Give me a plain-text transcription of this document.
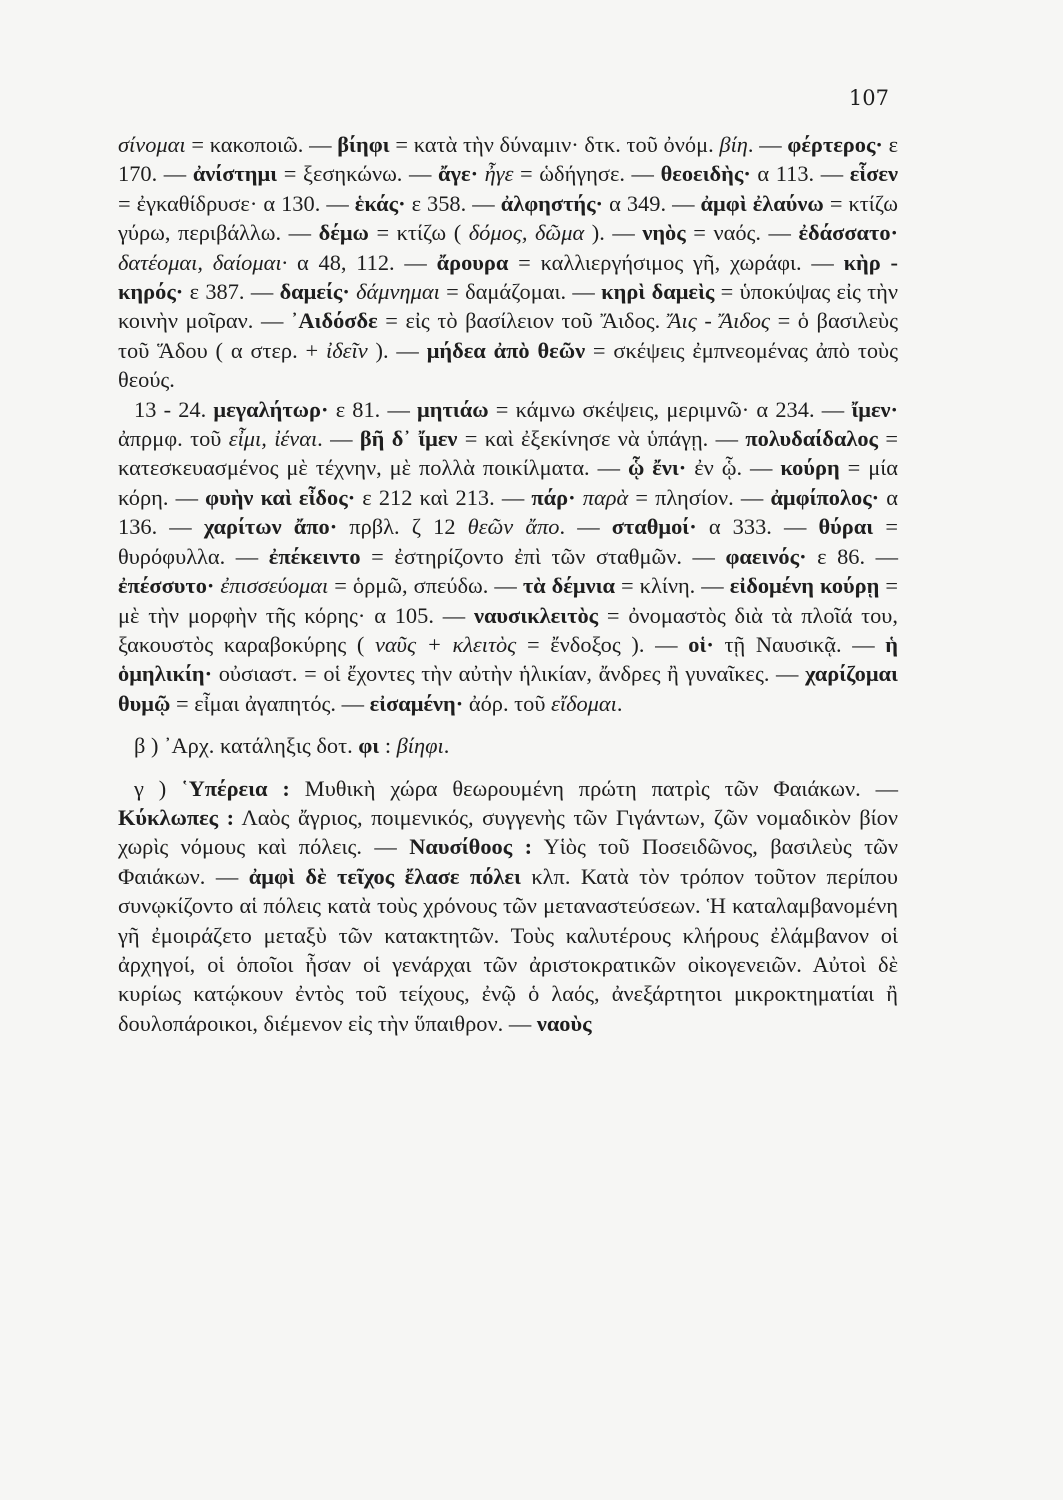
107

σίνομαι = κακοποιῶ. — βίηφι = κατὰ τὴν δύναμιν· δτκ. τοῦ ὀνόμ. βίη. — φέρτερος· ε 170. — ἀνίστημι = ξεσηκώνω. — ἄγε· ἦγε = ὡδήγησε. — θεοειδὴς· α 113. — εἷσεν = ἐγκαθίδρυσε· α 130. — ἑκάς· ε 358. — ἀλφηστής· α 349. — ἀμφὶ ἐλαύνω = κτίζω γύρω, περιβάλλω. — δέμω = κτίζω ( δόμος, δῶμα ). — νηὸς = ναός. — ἐδάσσατο· δατέομαι, δαίομαι· α 48, 112. — ἄρουρα = καλλιεργήσιμος γῆ, χωράφι. — κὴρ - κηρός· ε 387. — δαμείς· δάμνημαι = δαμάζομαι. — κηρὶ δαμεὶς = ὑποκύψας εἰς τὴν κοινὴν μοῖραν. — ᾿Αιδόσδε = εἰς τὸ βασίλειον τοῦ Ἄιδος. Ἄις - Ἄιδος = ὁ βασιλεὺς τοῦ Ἅδου ( α στερ. + ἰδεῖν ). — μήδεα ἀπὸ θεῶν = σκέψεις ἐμπνεομένας ἀπὸ τοὺς θεούς.

13 - 24. μεγαλήτωρ· ε 81. — μητιάω = κάμνω σκέψεις, μεριμνῶ· α 234. — ἴμεν· ἀπρμφ. τοῦ εἶμι, ἰέναι. — βῆ δ᾿ ἴμεν = καὶ ἐξεκίνησε νὰ ὑπάγῃ. — πολυδαίδαλος = κατεσκευασμένος μὲ τέχνην, μὲ πολλὰ ποικίλματα. — ᾧ ἔνι· ἐν ᾧ. — κούρη = μία κόρη. — φυὴν καὶ εἶδος· ε 212 καὶ 213. — πάρ· παρὰ = πλησίον. — ἀμφίπολος· α 136. — χαρίτων ἄπο· πρβλ. ζ 12 θεῶν ἄπο. — σταθμοί· α 333. — θύραι = θυρόφυλλα. — ἐπέκειντο = ἐστηρίζοντο ἐπὶ τῶν σταθμῶν. — φαεινός· ε 86. — ἐπέσσυτο· ἐπισσεύομαι = ὁρμῶ, σπεύδω. — τὰ δέμνια = κλίνη. — εἰδομένη κούρῃ = μὲ τὴν μορφὴν τῆς κόρης· α 105. — ναυσικλειτὸς = ὀνομαστὸς διὰ τὰ πλοῖά του, ξακουστὸς καραβοκύρης ( ναῦς + κλειτὸς = ἔνδοξος ). — οἱ· τῇ Ναυσικᾷ. — ἡ ὁμηλικίη· οὐσιαστ. = οἱ ἔχοντες τὴν αὐτὴν ἡλικίαν, ἄνδρες ἢ γυναῖκες. — χαρίζομαι θυμῷ = εἶμαι ἀγαπητός. — εἰσαμένη· ἀόρ. τοῦ εἴδομαι.

β ) ᾿Αρχ. κατάληξις δοτ. φι : βίηφι.

γ ) ῾Υπέρεια : Μυθικὴ χώρα θεωρουμένη πρώτη πατρὶς τῶν Φαιάκων. — Κύκλωπες : Λαὸς ἄγριος, ποιμενικός, συγγενὴς τῶν Γιγάντων, ζῶν νομαδικὸν βίον χωρὶς νόμους καὶ πόλεις. — Ναυσίθοος : Υἱὸς τοῦ Ποσειδῶνος, βασιλεὺς τῶν Φαιάκων. — ἀμφὶ δὲ τεῖχος ἔλασε πόλει κλπ. Κατὰ τὸν τρόπον τοῦτον περίπου συνῳκίζοντο αἱ πόλεις κατὰ τοὺς χρόνους τῶν μεταναστεύσεων. Ἡ καταλαμβανομένη γῆ ἐμοιράζετο μεταξὺ τῶν κατακτητῶν. Τοὺς καλυτέρους κλήρους ἐλάμβανον οἱ ἀρχηγοί, οἱ ὁποῖοι ἦσαν οἱ γενάρχαι τῶν ἀριστοκρατικῶν οἰκογενειῶν. Αὐτοὶ δὲ κυρίως κατῴκουν ἐντὸς τοῦ τείχους, ἐνῷ ὁ λαός, ἀνεξάρτητοι μικροκτηματίαι ἢ δουλοπάροικοι, διέμενον εἰς τὴν ὕπαιθρον. — ναοὺς
